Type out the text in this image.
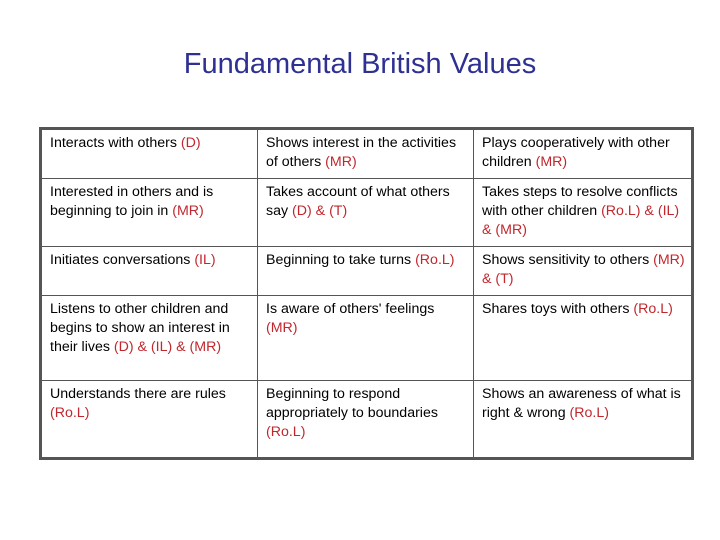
Fundamental British Values
Interacts with others (D)	Shows interest in the activities of others (MR)	Plays cooperatively with other children (MR)
Interested in others and is beginning to join in (MR)	Takes account of what others say (D) & (T)	Takes steps to resolve conflicts with other children (Ro.L) & (IL) & (MR)
Initiates conversations (IL)	Beginning to take turns (Ro.L)	Shows sensitivity to others (MR) & (T)
Listens to other children and begins to show an interest in their lives (D) & (IL) & (MR)	Is aware of others' feelings (MR)	Shares toys with others (Ro.L)
Understands there are rules (Ro.L)	Beginning to respond appropriately to boundaries (Ro.L)	Shows an awareness of what is right & wrong (Ro.L)
